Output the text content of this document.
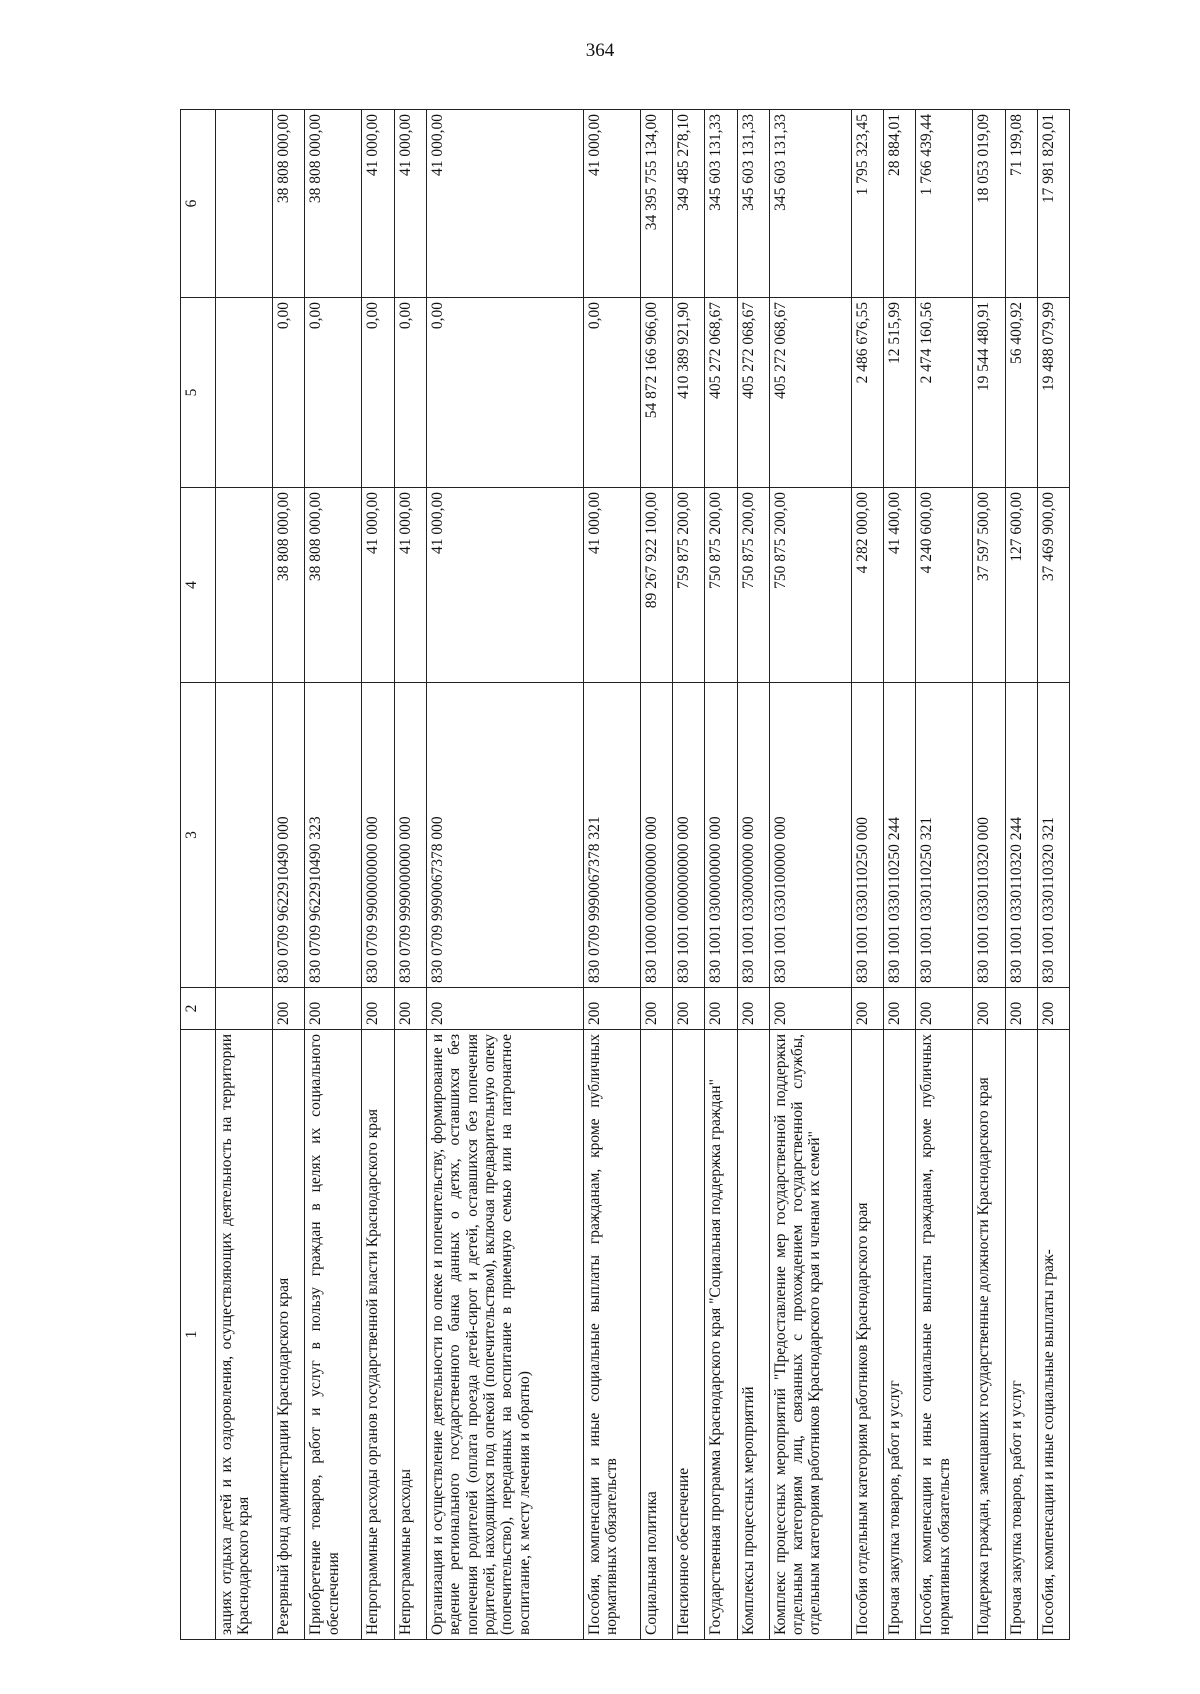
364
1	2	3	4	5	6
зациях отдыха детей и их оздоровления, осуществляющих деятельность на территории Краснодарского края					
Резервный фонд администрации Краснодарского края	200	830 0709 9622910490 000	38 808 000,00	0,00	38 808 000,00
Приобретение товаров, работ и услуг в пользу граждан в целях их социального обеспечения	200	830 0709 9622910490 323	38 808 000,00	0,00	38 808 000,00
Непрограммные расходы органов государственной власти Краснодарского края	200	830 0709 9900000000 000	41 000,00	0,00	41 000,00
Непрограммные расходы	200	830 0709 9990000000 000	41 000,00	0,00	41 000,00
Организация и осуществление деятельности по опеке и попечительству, формирование и ведение регионального государственного банка данных о детях, оставшихся без попечения родителей (оплата проезда детей-сирот и детей, оставшихся без попечения родителей, находящихся под опекой (попечительством), включая предварительную опеку (попечительство), переданных на воспитание в приемную семью или на патронатное воспитание, к месту лечения и обратно)	200	830 0709 9990067378 000	41 000,00	0,00	41 000,00
Пособия, компенсации и иные социальные выплаты гражданам, кроме публичных нормативных обязательств	200	830 0709 9990067378 321	41 000,00	0,00	41 000,00
Социальная политика	200	830 1000 0000000000 000	89 267 922 100,00	54 872 166 966,00	34 395 755 134,00
Пенсионное обеспечение	200	830 1001 0000000000 000	759 875 200,00	410 389 921,90	349 485 278,10
Государственная программа Краснодарского края "Социальная поддержка граждан"	200	830 1001 0300000000 000	750 875 200,00	405 272 068,67	345 603 131,33
Комплексы процессных мероприятий	200	830 1001 0330000000 000	750 875 200,00	405 272 068,67	345 603 131,33
Комплекс процессных мероприятий "Предоставление мер государственной поддержки отдельным категориям лиц, связанных с прохождением государственной службы, отдельным категориям работников Краснодарского края и членам их семей"	200	830 1001 0330100000 000	750 875 200,00	405 272 068,67	345 603 131,33
Пособия отдельным категориям работников Краснодарского края	200	830 1001 0330110250 000	4 282 000,00	2 486 676,55	1 795 323,45
Прочая закупка товаров, работ и услуг	200	830 1001 0330110250 244	41 400,00	12 515,99	28 884,01
Пособия, компенсации и иные социальные выплаты гражданам, кроме публичных нормативных обязательств	200	830 1001 0330110250 321	4 240 600,00	2 474 160,56	1 766 439,44
Поддержка граждан, замещавших государственные должности Краснодарского края	200	830 1001 0330110320 000	37 597 500,00	19 544 480,91	18 053 019,09
Прочая закупка товаров, работ и услуг	200	830 1001 0330110320 244	127 600,00	56 400,92	71 199,08
Пособия, компенсации и иные социальные выплаты граж-	200	830 1001 0330110320 321	37 469 900,00	19 488 079,99	17 981 820,01
